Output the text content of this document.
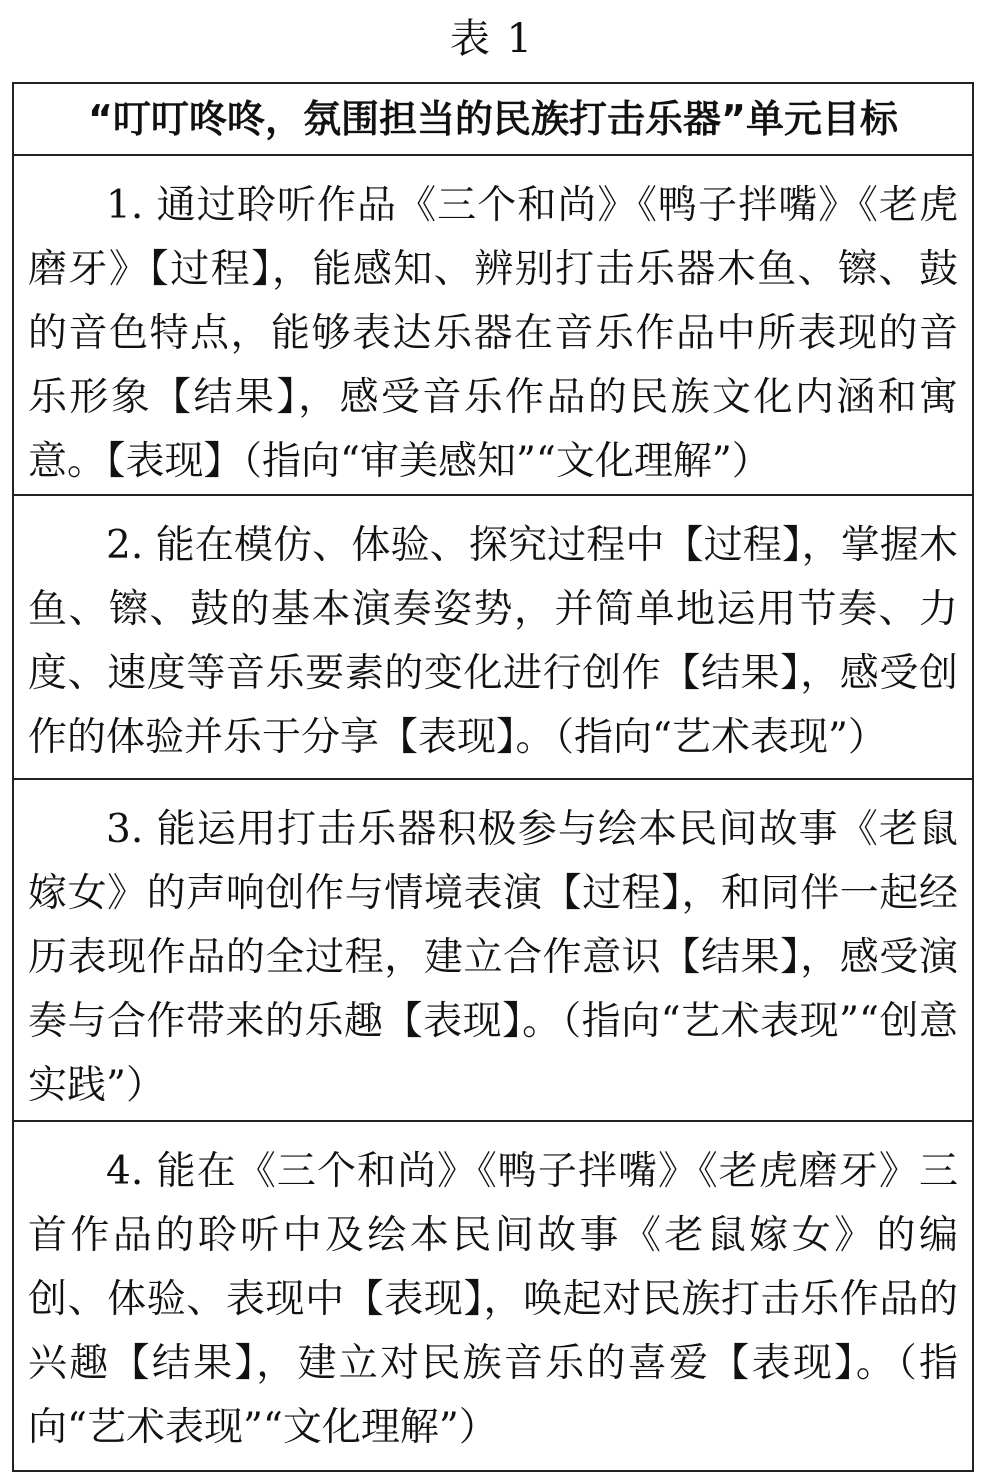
表 1
“叮叮咚咚，氛围担当的民族打击乐器”单元目标
1. 通过聆听作品《三个和尚》《鸭子拌嘴》《老虎磨牙》【过程】，能感知、辨别打击乐器木鱼、镲、鼓的音色特点，能够表达乐器在音乐作品中所表现的音乐形象【结果】，感受音乐作品的民族文化内涵和寓意。【表现】（指向“审美感知”“文化理解”）
2. 能在模仿、体验、探究过程中【过程】，掌握木鱼、镲、鼓的基本演奏姿势，并简单地运用节奏、力度、速度等音乐要素的变化进行创作【结果】，感受创作的体验并乐于分享【表现】。（指向“艺术表现”）
3. 能运用打击乐器积极参与绘本民间故事《老鼠嫁女》的声响创作与情境表演【过程】，和同伴一起经历表现作品的全过程，建立合作意识【结果】，感受演奏与合作带来的乐趣【表现】。（指向“艺术表现”“创意实践”）
4. 能在《三个和尚》《鸭子拌嘴》《老虎磨牙》三首作品的聆听中及绘本民间故事《老鼠嫁女》的编创、体验、表现中【表现】，唤起对民族打击乐作品的兴趣【结果】，建立对民族音乐的喜爱【表现】。（指向“艺术表现”“文化理解”）
